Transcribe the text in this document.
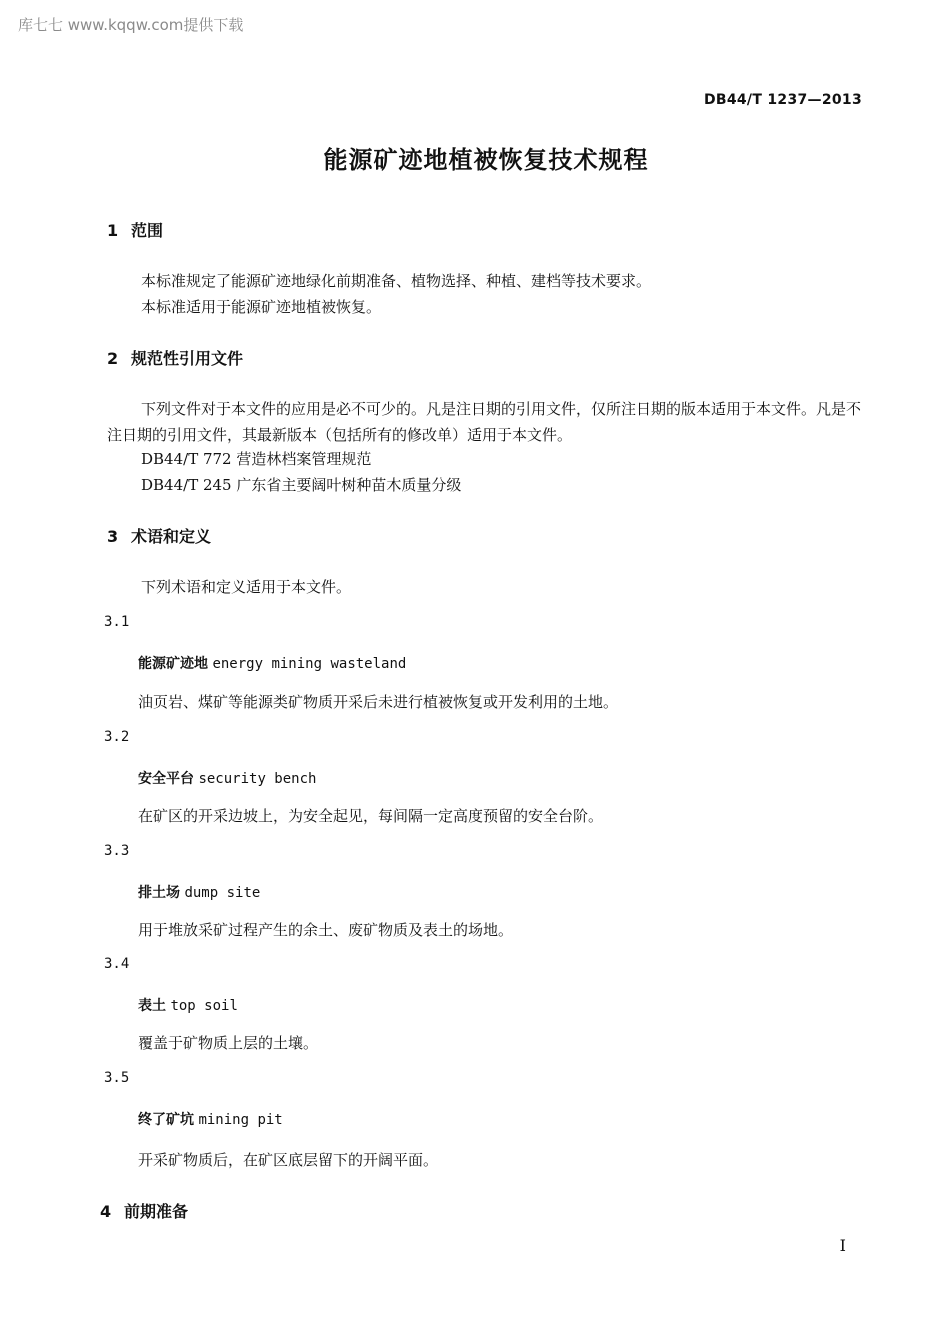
库七七 www.kqqw.com提供下载
DB44/T 1237—2013
能源矿迹地植被恢复技术规程
1 范围
本标准规定了能源矿迹地绿化前期准备、植物选择、种植、建档等技术要求。
本标准适用于能源矿迹地植被恢复。
2 规范性引用文件
下列文件对于本文件的应用是必不可少的。凡是注日期的引用文件，仅所注日期的版本适用于本文件。凡是不注日期的引用文件，其最新版本（包括所有的修改单）适用于本文件。
DB44/T 772 营造林档案管理规范
DB44/T 245 广东省主要阔叶树种苗木质量分级
3 术语和定义
下列术语和定义适用于本文件。
3.1
能源矿迹地 energy mining wasteland
油页岩、煤矿等能源类矿物质开采后未进行植被恢复或开发利用的土地。
3.2
安全平台 security bench
在矿区的开采边坡上，为安全起见，每间隔一定高度预留的安全台阶。
3.3
排土场 dump site
用于堆放采矿过程产生的余土、废矿物质及表土的场地。
3.4
表土 top soil
覆盖于矿物质上层的土壤。
3.5
终了矿坑 mining pit
开采矿物质后，在矿区底层留下的开阔平面。
4 前期准备
I
